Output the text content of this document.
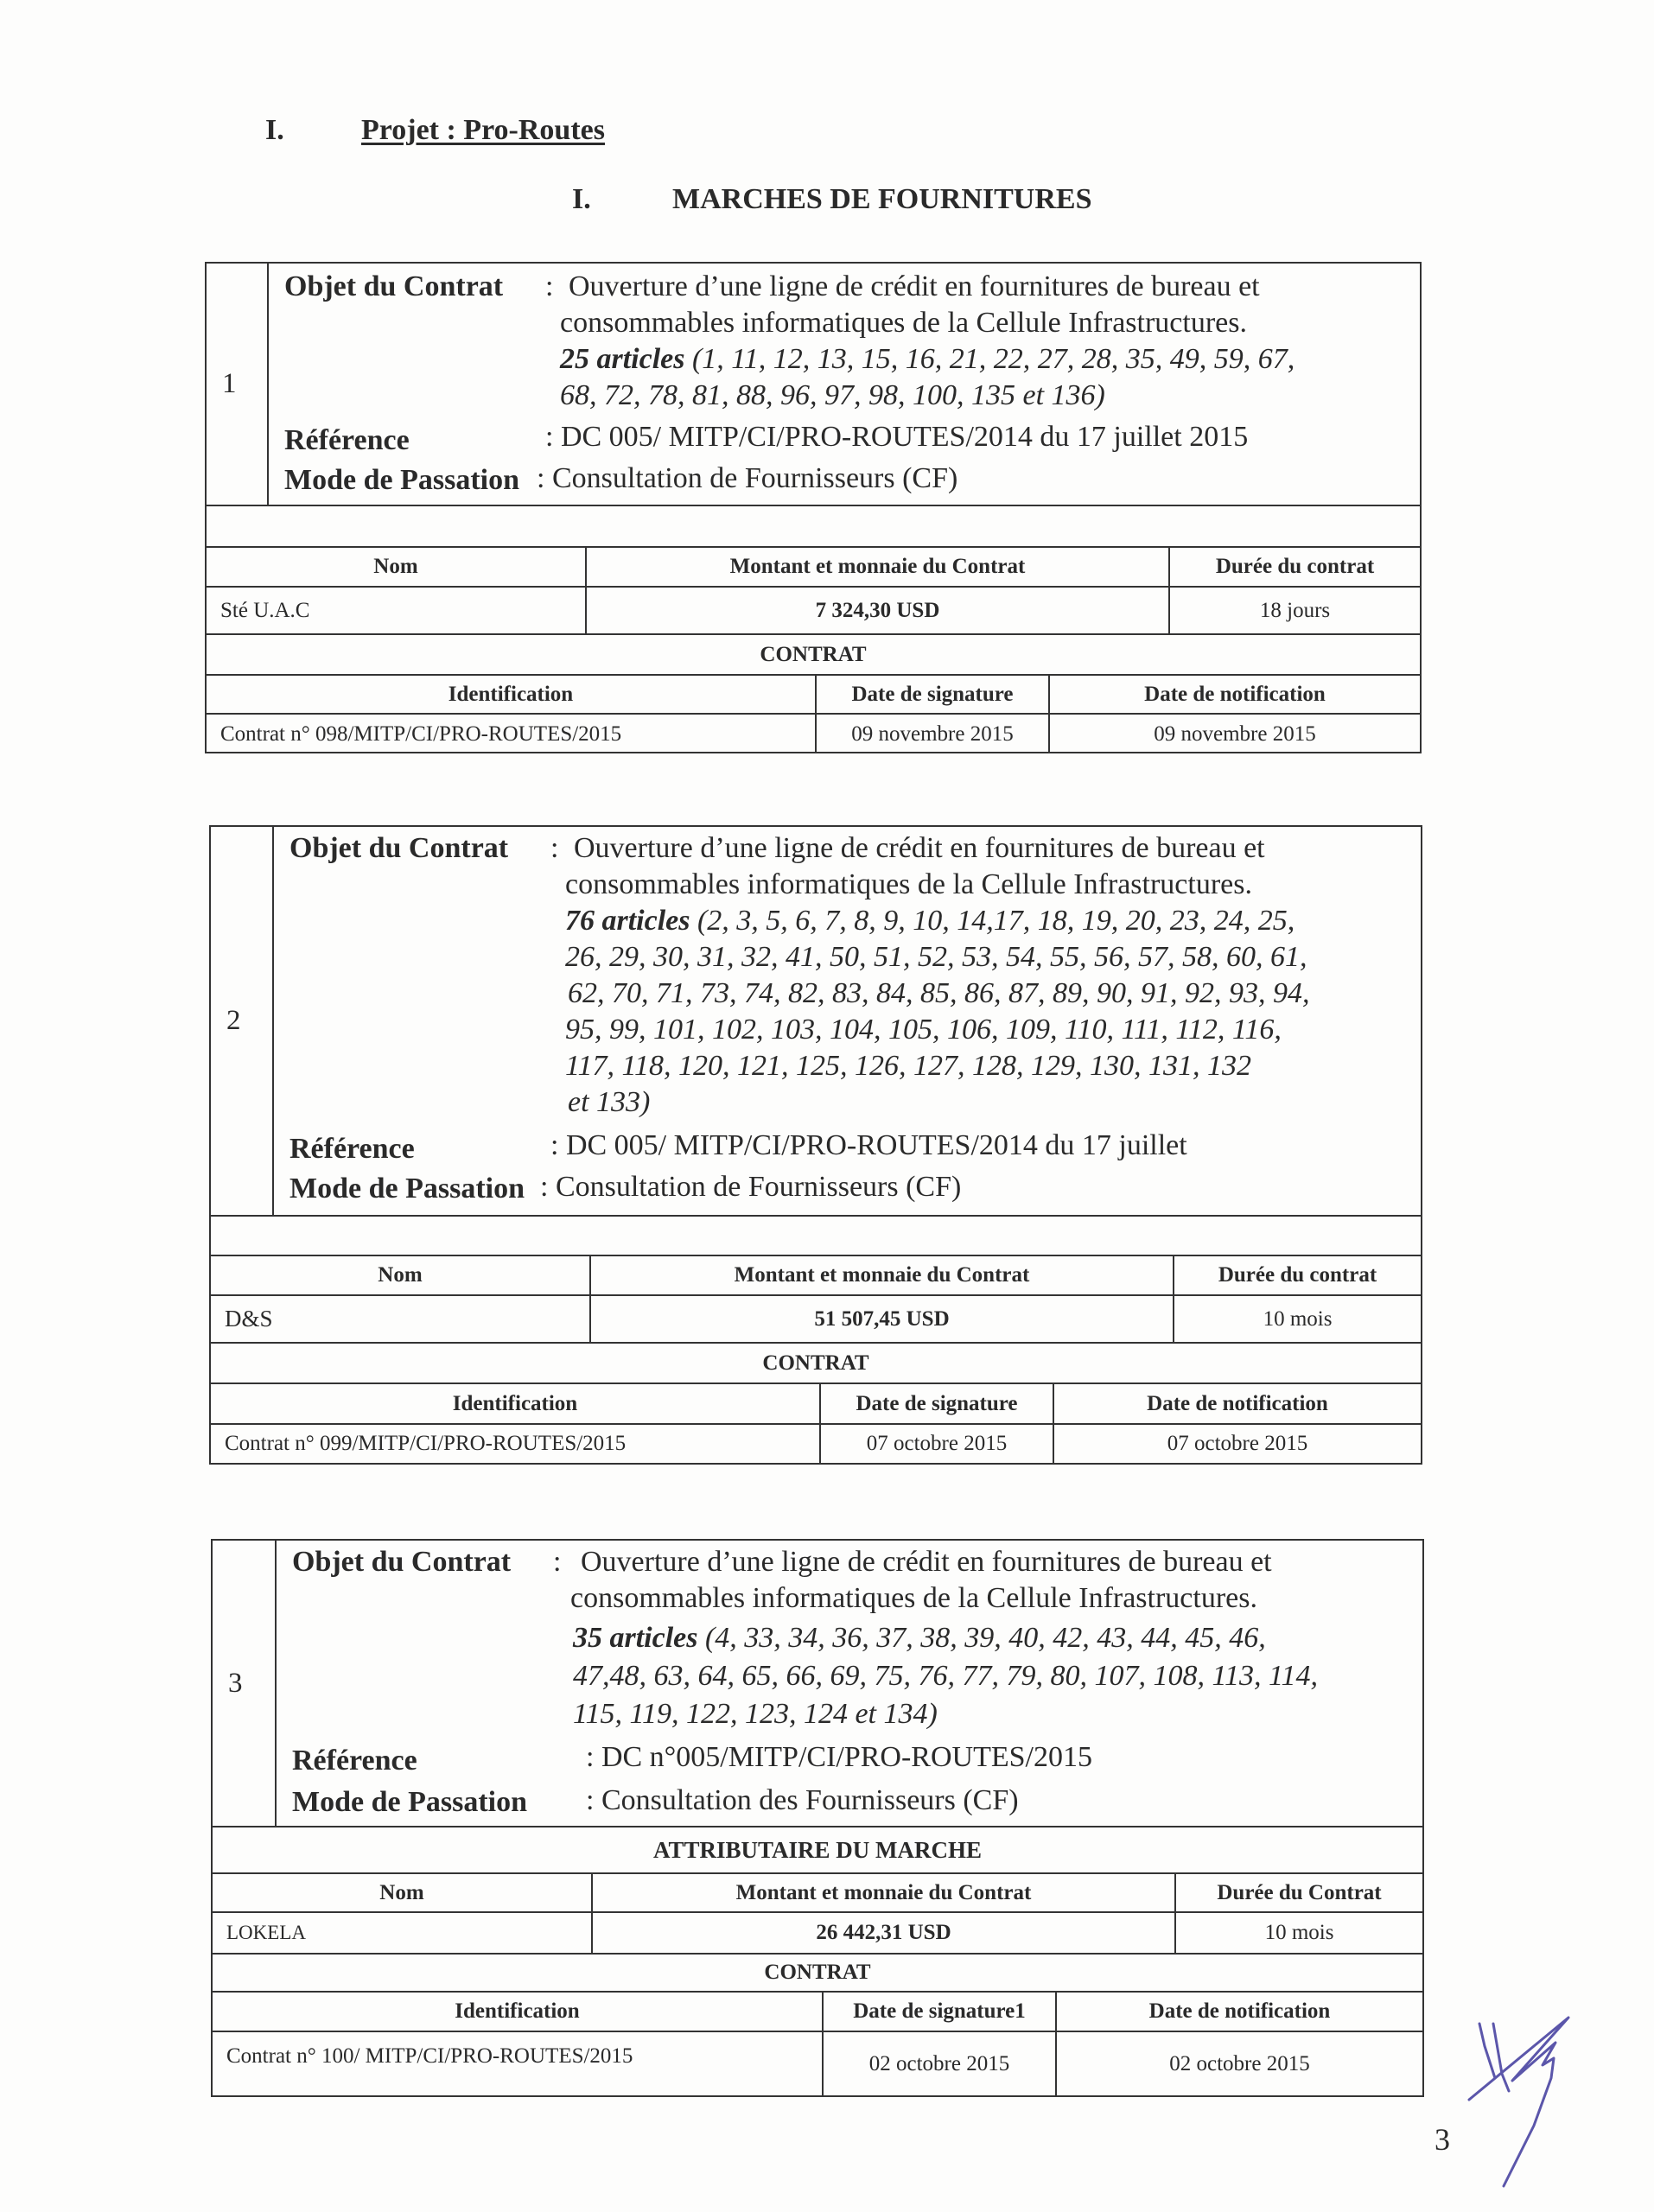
I.	Projet : Pro-Routes
I.	MARCHES DE FOURNITURES
1
Objet du Contrat : Ouverture d’une ligne de crédit en fournitures de bureau et
consommables informatiques de la Cellule Infrastructures.
25 articles (1, 11, 12, 13, 15, 16, 21, 22, 27, 28, 35, 49, 59, 67,
68, 72, 78, 81, 88, 96, 97, 98, 100, 135 et 136)
Référence	: DC 005/ MITP/CI/PRO-ROUTES/2014 du 17 juillet 2015
Mode de Passation : Consultation de Fournisseurs (CF)
Nom	Montant et monnaie du Contrat	Durée du contrat
Sté U.A.C	7 324,30 USD	18 jours
CONTRAT
Identification	Date de signature	Date de notification
Contrat n° 098/MITP/CI/PRO-ROUTES/2015	09 novembre 2015	09 novembre 2015
2
Objet du Contrat : Ouverture d’une ligne de crédit en fournitures de bureau et
consommables informatiques de la Cellule Infrastructures.
76 articles (2, 3, 5, 6, 7, 8, 9, 10, 14,17, 18, 19, 20, 23, 24, 25,
26, 29, 30, 31, 32, 41, 50, 51, 52, 53, 54, 55, 56, 57, 58, 60, 61,
62, 70, 71, 73, 74, 82, 83, 84, 85, 86, 87, 89, 90, 91, 92, 93, 94,
95, 99, 101, 102, 103, 104, 105, 106, 109, 110, 111, 112, 116,
117, 118, 120, 121, 125, 126, 127, 128, 129, 130, 131, 132
et 133)
Référence	: DC 005/ MITP/CI/PRO-ROUTES/2014 du 17 juillet
Mode de Passation : Consultation de Fournisseurs (CF)
Nom	Montant et monnaie du Contrat	Durée du contrat
D&S	51 507,45 USD	10 mois
CONTRAT
Identification	Date de signature	Date de notification
Contrat n° 099/MITP/CI/PRO-ROUTES/2015	07 octobre 2015	07 octobre 2015
3
Objet du Contrat : Ouverture d’une ligne de crédit en fournitures de bureau et
consommables informatiques de la Cellule Infrastructures.
35 articles (4, 33, 34, 36, 37, 38, 39, 40, 42, 43, 44, 45, 46,
47,48, 63, 64, 65, 66, 69, 75, 76, 77, 79, 80, 107, 108, 113, 114,
115, 119, 122, 123, 124 et 134)
Référence	: DC n°005/MITP/CI/PRO-ROUTES/2015
Mode de Passation : Consultation des Fournisseurs (CF)
ATTRIBUTAIRE DU MARCHE
Nom	Montant et monnaie du Contrat	Durée du Contrat
LOKELA	26 442,31 USD	10 mois
CONTRAT
Identification	Date de signature1	Date de notification
Contrat n° 100/ MITP/CI/PRO-ROUTES/2015	02 octobre 2015	02 octobre 2015
3
